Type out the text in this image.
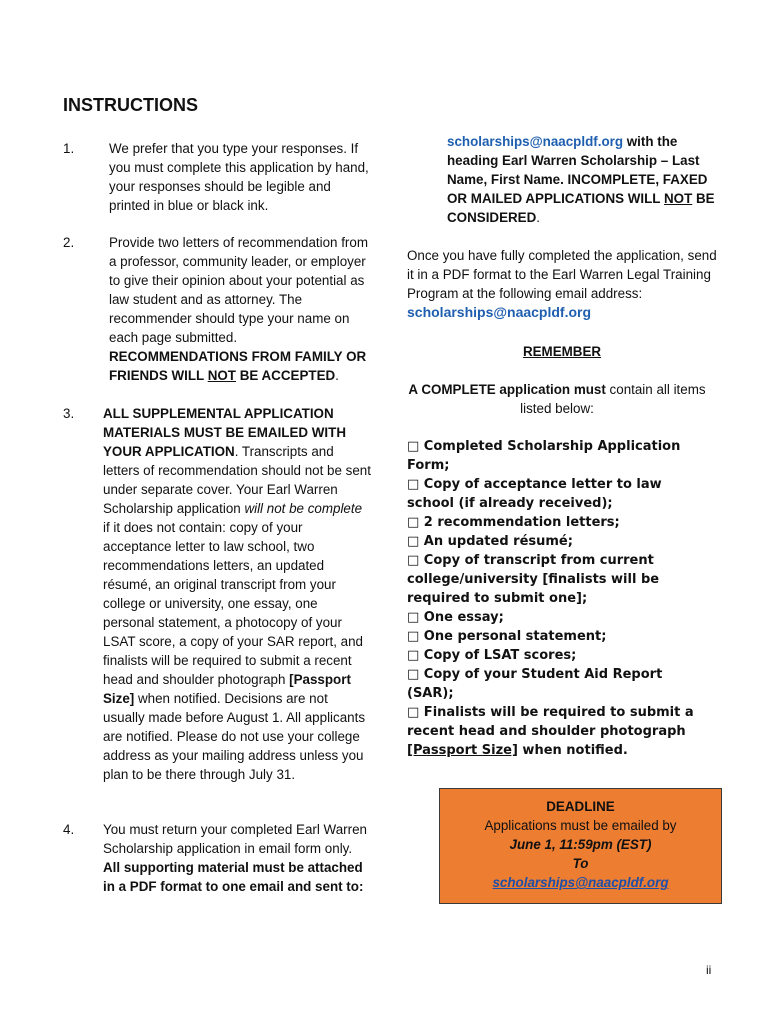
INSTRUCTIONS
1.	We prefer that you type your responses. If you must complete this application by hand, your responses should be legible and printed in blue or black ink.
2.	Provide two letters of recommendation from a professor, community leader, or employer to give their opinion about your potential as law student and as attorney. The recommender should type your name on each page submitted. RECOMMENDATIONS FROM FAMILY OR FRIENDS WILL NOT BE ACCEPTED.
3. ALL SUPPLEMENTAL APPLICATION MATERIALS MUST BE EMAILED WITH YOUR APPLICATION. Transcripts and letters of recommendation should not be sent under separate cover. Your Earl Warren Scholarship application will not be complete if it does not contain: copy of your acceptance letter to law school, two recommendations letters, an updated résumé, an original transcript from your college or university, one essay, one personal statement, a photocopy of your LSAT score, a copy of your SAR report, and finalists will be required to submit a recent head and shoulder photograph [Passport Size] when notified. Decisions are not usually made before August 1. All applicants are notified. Please do not use your college address as your mailing address unless you plan to be there through July 31.
4. You must return your completed Earl Warren Scholarship application in email form only. All supporting material must be attached in a PDF format to one email and sent to:
scholarships@naacpldf.org with the heading Earl Warren Scholarship – Last Name, First Name. INCOMPLETE, FAXED OR MAILED APPLICATIONS WILL NOT BE CONSIDERED.
Once you have fully completed the application, send it in a PDF format to the Earl Warren Legal Training Program at the following email address: scholarships@naacpldf.org
REMEMBER
A COMPLETE application must contain all items listed below:
□ Completed Scholarship Application Form;
□ Copy of acceptance letter to law school (if already received);
□ 2 recommendation letters;
□ An updated résumé;
□ Copy of transcript from current college/university [finalists will be required to submit one];
□ One essay;
□ One personal statement;
□ Copy of LSAT scores;
□ Copy of your Student Aid Report (SAR);
□ Finalists will be required to submit a recent head and shoulder photograph [Passport Size] when notified.
DEADLINE
Applications must be emailed by
June 1, 11:59pm (EST)
To
scholarships@naacpldf.org
ii
